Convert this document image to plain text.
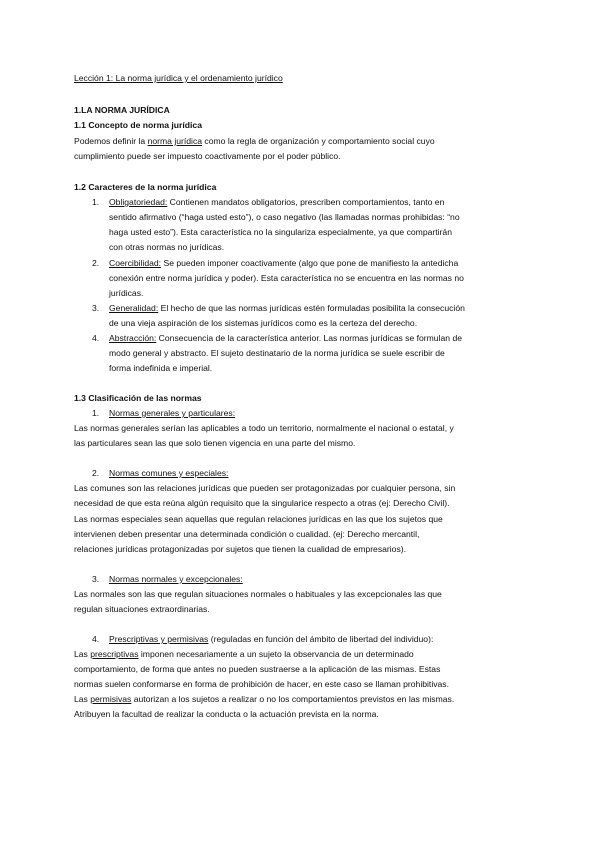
Lección 1: La norma jurídica y el ordenamiento jurídico
1.LA NORMA JURÍDICA
1.1 Concepto de norma jurídica
Podemos definir la norma jurídica como la regla de organización y comportamiento social cuyo
cumplimiento puede ser impuesto coactivamente por el poder público.
1.2 Caracteres de la norma jurídica
1. Obligatoriedad: Contienen mandatos obligatorios, prescriben comportamientos, tanto en
sentido afirmativo (“haga usted esto”), o caso negativo (las llamadas normas prohibidas: “no
haga usted esto”). Esta característica no la singulariza especialmente, ya que compartirán
con otras normas no jurídicas.
2. Coercibilidad: Se pueden imponer coactivamente (algo que pone de manifiesto la antedicha
conexión entre norma jurídica y poder). Esta característica no se encuentra en las normas no
jurídicas.
3. Generalidad: El hecho de que las normas jurídicas estén formuladas posibilita la consecución
de una vieja aspiración de los sistemas jurídicos como es la certeza del derecho.
4. Abstracción: Consecuencia de la característica anterior. Las normas jurídicas se formulan de
modo general y abstracto. El sujeto destinatario de la norma jurídica se suele escribir de
forma indefinida e imperial.
1.3 Clasificación de las normas
1. Normas generales y particulares:
Las normas generales serían las aplicables a todo un territorio, normalmente el nacional o estatal, y
las particulares sean las que solo tienen vigencia en una parte del mismo.
2. Normas comunes y especiales:
Las comunes son las relaciones jurídicas que pueden ser protagonizadas por cualquier persona, sin
necesidad de que esta reúna algún requisito que la singularice respecto a otras (ej: Derecho Civil).
Las normas especiales sean aquellas que regulan relaciones jurídicas en las que los sujetos que
intervienen deben presentar una determinada condición o cualidad. (ej: Derecho mercantil,
relaciones jurídicas protagonizadas por sujetos que tienen la cualidad de empresarios).
3. Normas normales y excepcionales:
Las normales son las que regulan situaciones normales o habituales y las excepcionales las que
regulan situaciones extraordinarias.
4. Prescriptivas y permisivas (reguladas en función del ámbito de libertad del individuo):
Las prescriptivas imponen necesariamente a un sujeto la observancia de un determinado
comportamiento, de forma que antes no pueden sustraerse a la aplicación de las mismas. Estas
normas suelen conformarse en forma de prohibición de hacer, en este caso se llaman prohibitivas.
Las permisivas autorizan a los sujetos a realizar o no los comportamientos previstos en las mismas.
Atribuyen la facultad de realizar la conducta o la actuación prevista en la norma.
